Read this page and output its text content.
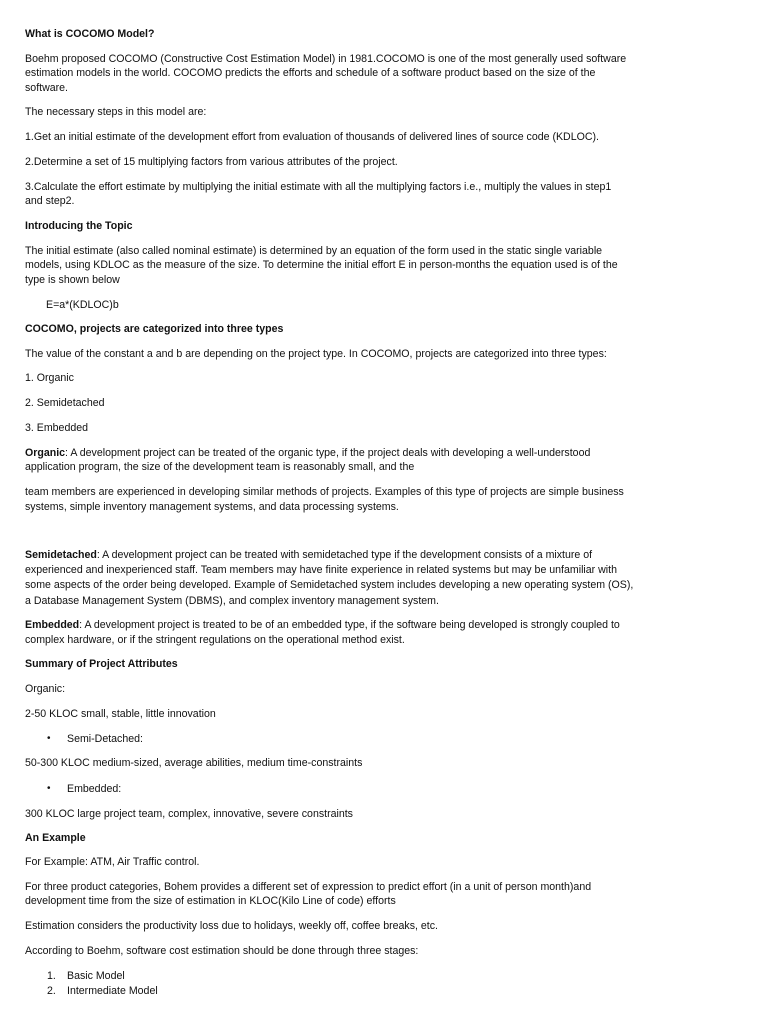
What is COCOMO Model?
Boehm proposed COCOMO (Constructive Cost Estimation Model) in 1981.COCOMO is one of the most generally used software
estimation models in the world. COCOMO predicts the efforts and schedule of a software product based on the size of the
software.
The necessary steps in this model are:
1.Get an initial estimate of the development effort from evaluation of thousands of delivered lines of source code (KDLOC).
2.Determine a set of 15 multiplying factors from various attributes of the project.
3.Calculate the effort estimate by multiplying the initial estimate with all the multiplying factors i.e., multiply the values in step1
and step2.
Introducing the Topic
The initial estimate (also called nominal estimate) is determined by an equation of the form used in the static single variable
models, using KDLOC as the measure of the size. To determine the initial effort E in person-months the equation used is of the
type is shown below
E=a*(KDLOC)b
COCOMO, projects are categorized into three types
The value of the constant a and b are depending on the project type. In COCOMO, projects are categorized into three types:
1. Organic
2. Semidetached
3. Embedded
Organic: A development project can be treated of the organic type, if the project deals with developing a well-understood
application program, the size of the development team is reasonably small, and the
team members are experienced in developing similar methods of projects. Examples of this type of projects are simple business
systems, simple inventory management systems, and data processing systems.
Semidetached: A development project can be treated with semidetached type if the development consists of a mixture of
experienced and inexperienced staff. Team members may have finite experience in related systems but may be unfamiliar with
some aspects of the order being developed. Example of Semidetached system includes developing a new operating system (OS),
a Database Management System (DBMS), and complex inventory management system.
Embedded: A development project is treated to be of an embedded type, if the software being developed is strongly coupled to
complex hardware, or if the stringent regulations on the operational method exist.
Summary of Project Attributes
Organic:
2-50 KLOC small, stable, little innovation
• Semi-Detached:
50-300 KLOC medium-sized, average abilities, medium time-constraints
• Embedded:
300 KLOC large project team, complex, innovative, severe constraints
An Example
For Example: ATM, Air Traffic control.
For three product categories, Bohem provides a different set of expression to predict effort (in a unit of person month)and
development time from the size of estimation in KLOC(Kilo Line of code) efforts
Estimation considers the productivity loss due to holidays, weekly off, coffee breaks, etc.
According to Boehm, software cost estimation should be done through three stages:
1. Basic Model
2. Intermediate Model
